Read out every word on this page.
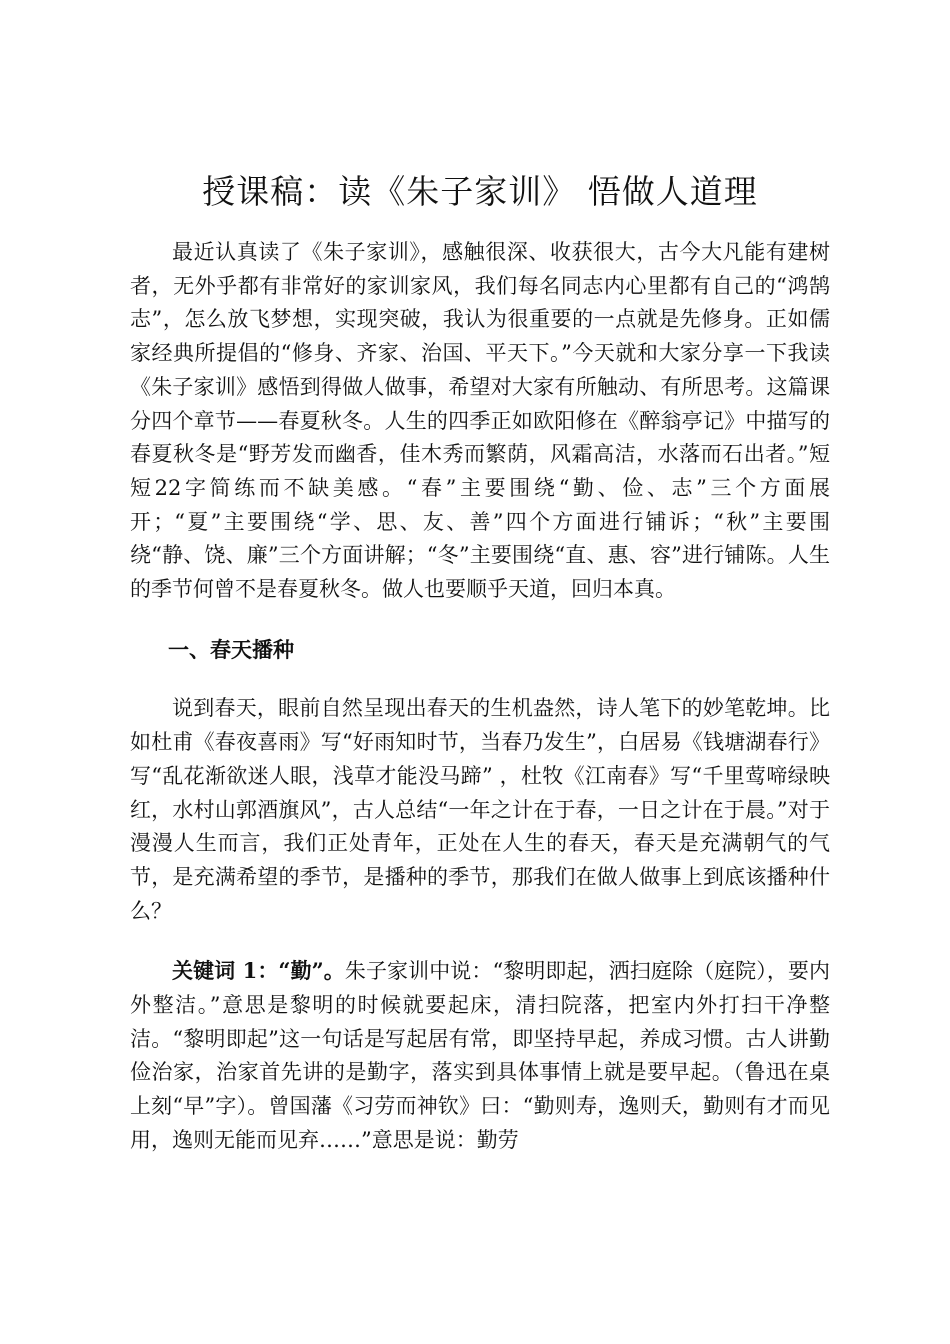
授课稿：读《朱子家训》 悟做人道理

最近认真读了《朱子家训》，感触很深、收获很大，古今大凡能有建树者，无外乎都有非常好的家训家风，我们每名同志内心里都有自己的“鸿鹄志”，怎么放飞梦想，实现突破，我认为很重要的一点就是先修身。正如儒家经典所提倡的“修身、齐家、治国、平天下。”今天就和大家分享一下我读《朱子家训》感悟到得做人做事，希望对大家有所触动、有所思考。这篇课分四个章节——春夏秋冬。人生的四季正如欧阳修在《醉翁亭记》中描写的春夏秋冬是“野芳发而幽香，佳木秀而繁荫，风霜高洁，水落而石出者。”短短22字简练而不缺美感。“春”主要围绕“勤、俭、志”三个方面展开；“夏”主要围绕“学、思、友、善”四个方面进行铺诉；“秋”主要围绕“静、饶、廉”三个方面讲解；“冬”主要围绕“直、惠、容”进行铺陈。人生的季节何曾不是春夏秋冬。做人也要顺乎天道，回归本真。

一、春天播种

说到春天，眼前自然呈现出春天的生机盎然，诗人笔下的妙笔乾坤。比如杜甫《春夜喜雨》写“好雨知时节，当春乃发生”，白居易《钱塘湖春行》写“乱花渐欲迷人眼，浅草才能没马蹄” ，杜牧《江南春》写“千里莺啼绿映红，水村山郭酒旗风”，古人总结“一年之计在于春，一日之计在于晨。”对于漫漫人生而言，我们正处青年，正处在人生的春天，春天是充满朝气的气节，是充满希望的季节，是播种的季节，那我们在做人做事上到底该播种什么？

关键词 1：“勤”。朱子家训中说：“黎明即起，洒扫庭除（庭院），要内外整洁。”意思是黎明的时候就要起床，清扫院落，把室内外打扫干净整洁。“黎明即起”这一句话是写起居有常，即坚持早起，养成习惯。古人讲勤俭治家，治家首先讲的是勤字，落实到具体事情上就是要早起。（鲁迅在桌上刻“早”字）。曾国藩《习劳而神钦》曰：“勤则寿，逸则夭，勤则有才而见用，逸则无能而见弃……”意思是说：勤劳
